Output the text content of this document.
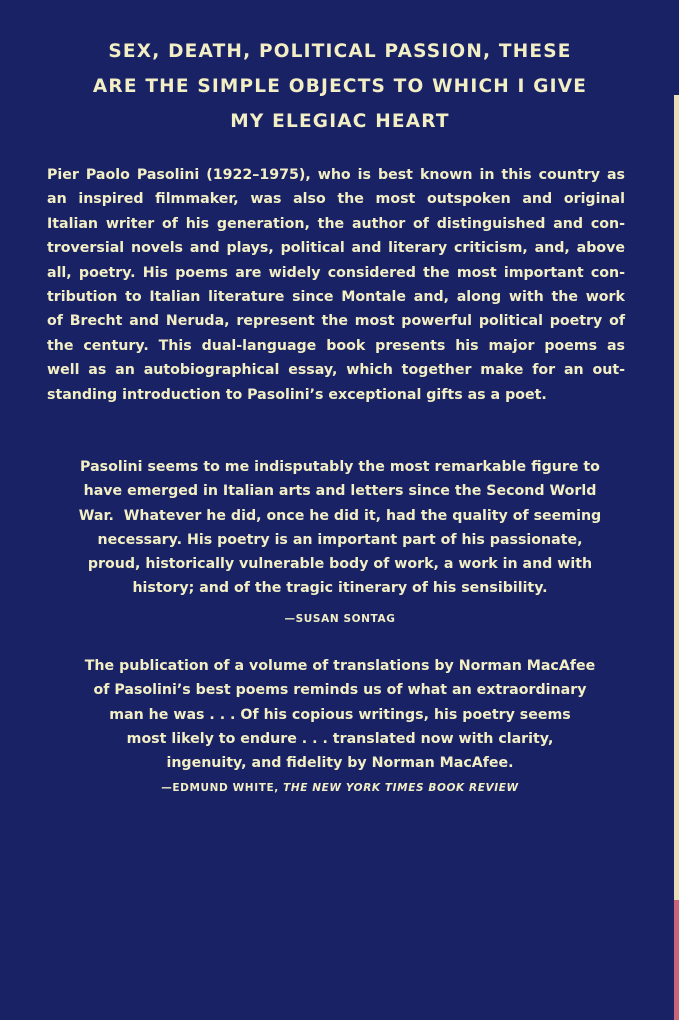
SEX, DEATH, POLITICAL PASSION, THESE
ARE THE SIMPLE OBJECTS TO WHICH I GIVE
MY ELEGIAC HEART

Pier Paolo Pasolini (1922–1975), who is best known in this country as
an inspired filmmaker, was also the most outspoken and original
Italian writer of his generation, the author of distinguished and con-
troversial novels and plays, political and literary criticism, and, above
all, poetry. His poems are widely considered the most important con-
tribution to Italian literature since Montale and, along with the work
of Brecht and Neruda, represent the most powerful political poetry of
the century. This dual-language book presents his major poems as
well as an autobiographical essay, which together make for an out-
standing introduction to Pasolini’s exceptional gifts as a poet.

Pasolini seems to me indisputably the most remarkable figure to
have emerged in Italian arts and letters since the Second World
War.  Whatever he did, once he did it, had the quality of seeming
necessary. His poetry is an important part of his passionate,
proud, historically vulnerable body of work, a work in and with
history; and of the tragic itinerary of his sensibility.

—SUSAN SONTAG

The publication of a volume of translations by Norman MacAfee
of Pasolini’s best poems reminds us of what an extraordinary
man he was . . . Of his copious writings, his poetry seems
most likely to endure . . . translated now with clarity,
ingenuity, and fidelity by Norman MacAfee.

—EDMUND WHITE, THE NEW YORK TIMES BOOK REVIEW
